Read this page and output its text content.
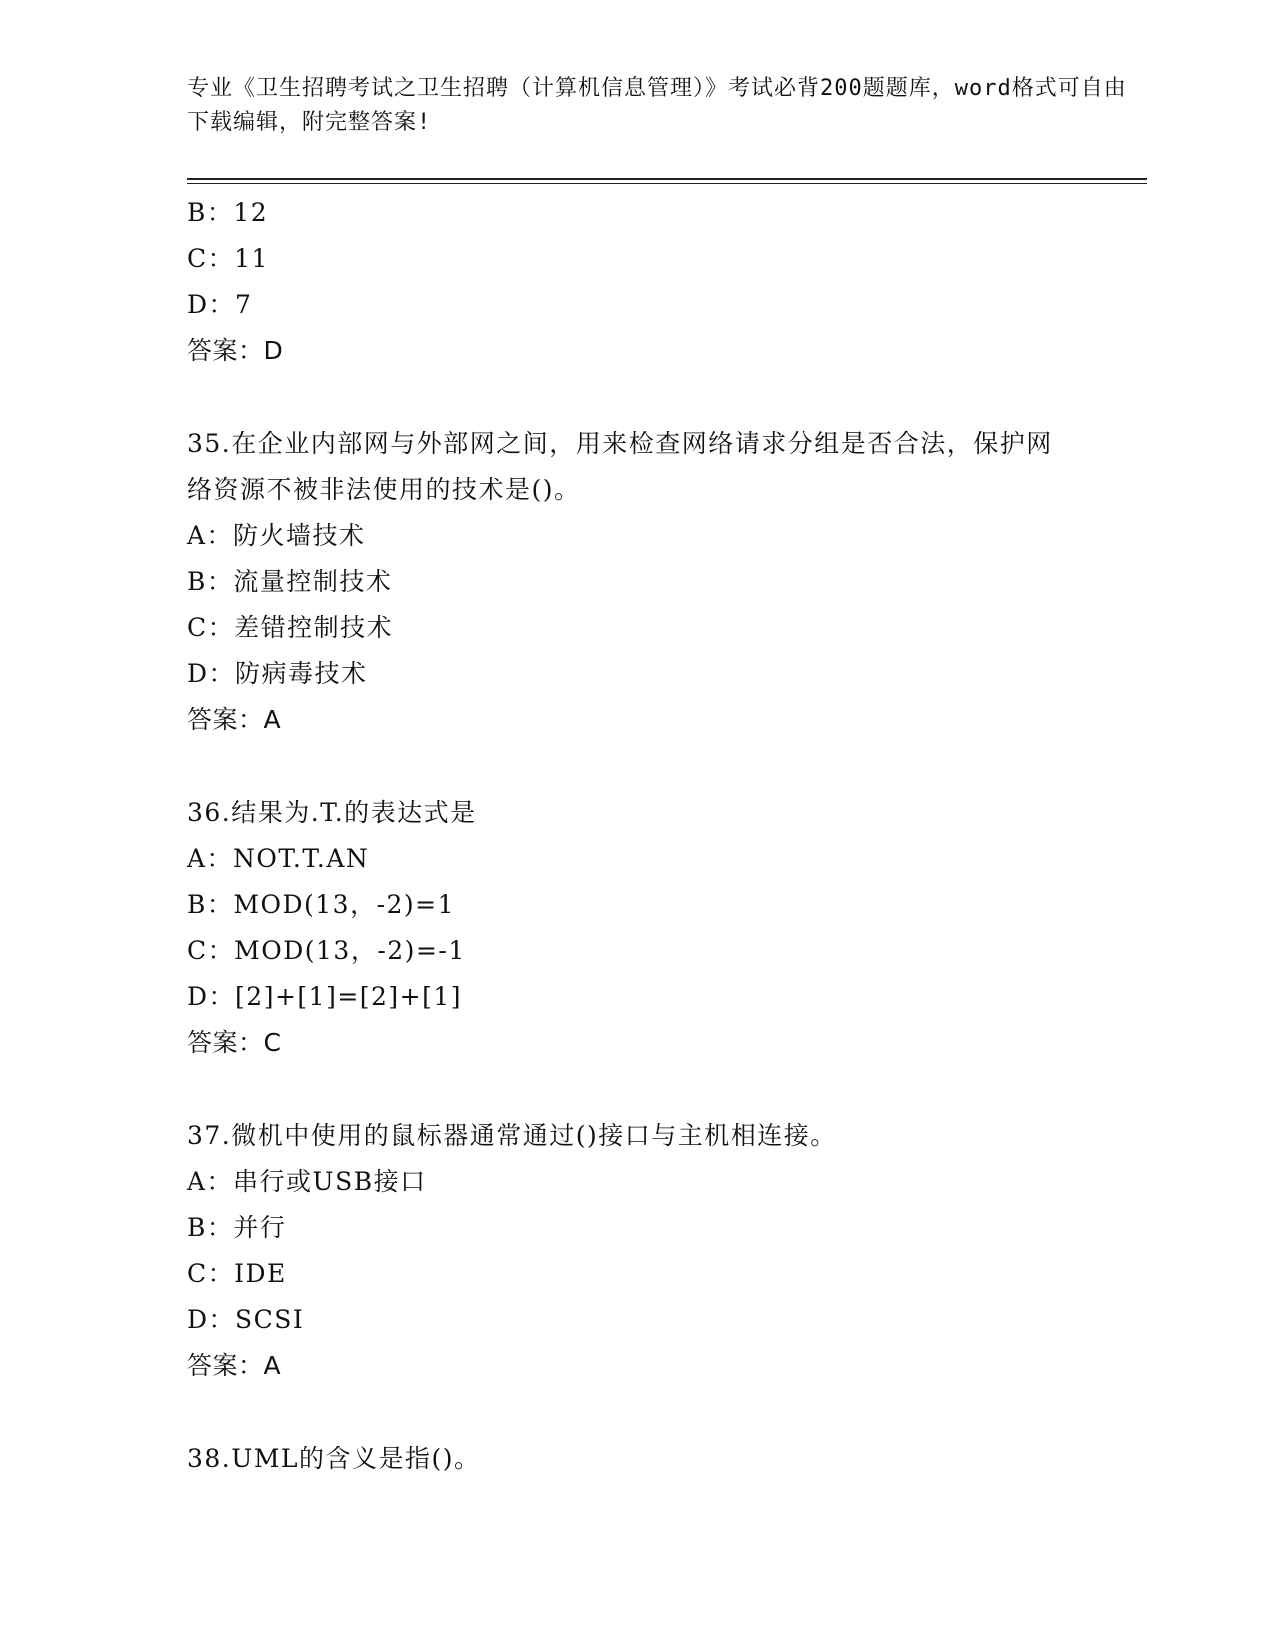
专业《卫生招聘考试之卫生招聘（计算机信息管理）》考试必背200题题库，word格式可自由下载编辑，附完整答案!

B：12
C：11
D：7
答案：D
35.在企业内部网与外部网之间，用来检查网络请求分组是否合法，保护网络资源不被非法使用的技术是()。
A：防火墙技术
B：流量控制技术
C：差错控制技术
D：防病毒技术
答案：A
36.结果为.T.的表达式是
A：NOT.T.AN
B：MOD(13，-2)=1
C：MOD(13，-2)=-1
D：[2]+[1]=[2]+[1]
答案：C
37.微机中使用的鼠标器通常通过()接口与主机相连接。
A：串行或USB接口
B：并行
C：IDE
D：SCSI
答案：A
38.UML的含义是指()。
